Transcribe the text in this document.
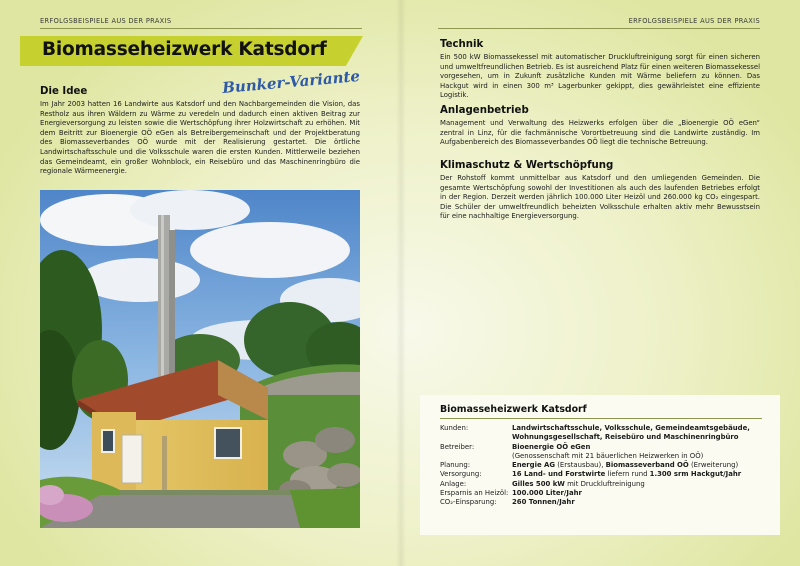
ERFOLGSBEISPIELE AUS DER PRAXIS
Biomasseheizwerk Katsdorf
Bunker-Variante
Die Idee
Im Jahr 2003 hatten 16 Landwirte aus Katsdorf und den Nachbargemeinden die Vision, das Restholz aus ihren Wäldern zu Wärme zu veredeln und dadurch einen aktiven Beitrag zur Energieversorgung zu leisten sowie die Wertschöpfung ihrer Holzwirtschaft zu erhöhen. Mit dem Beitritt zur Bioenergie OÖ eGen als Betreibergemeinschaft und der Projektberatung des Biomasseverbandes OÖ wurde mit der Realisierung gestartet. Die örtliche Landwirtschaftsschule und die Volksschule waren die ersten Kunden. Mittlerweile beziehen das Gemeindeamt, ein großer Wohnblock, ein Reisebüro und das Maschinenringbüro die regionale Wärmeenergie.
ERFOLGSBEISPIELE AUS DER PRAXIS
Technik
Ein 500 kW Biomassekessel mit automatischer Druckluftreinigung sorgt für einen sicheren und umweltfreundlichen Betrieb. Es ist ausreichend Platz für einen weiteren Biomassekessel vorgesehen, um in Zukunft zusätzliche Kunden mit Wärme beliefern zu können. Das Hackgut wird in einen 300 m³ Lagerbunker gekippt, dies gewährleistet eine effiziente Logistik.
Anlagenbetrieb
Management und Verwaltung des Heizwerks erfolgen über die „Bioenergie OÖ eGen“ zentral in Linz, für die fachmännische Vorortbetreuung sind die Landwirte zuständig. Im Aufgabenbereich des Biomasseverbandes OÖ liegt die technische Betreuung.
Klimaschutz & Wertschöpfung
Der Rohstoff kommt unmittelbar aus Katsdorf und den umliegenden Gemeinden. Die gesamte Wertschöpfung sowohl der Investitionen als auch des laufenden Betriebes erfolgt in der Region. Derzeit werden jährlich 100.000 Liter Heizöl und 260.000 kg CO₂ eingespart. Die Schüler der umweltfreundlich beheizten Volksschule erhalten aktiv mehr Bewusstsein für eine nachhaltige Energieversorgung.
Biomasseheizwerk Katsdorf
Kunden:	Landwirtschaftsschule, Volksschule, Gemeindeamtsgebäude, Wohnungsgesellschaft, Reisebüro und Maschinenringbüro
Betreiber:	Bioenergie OÖ eGen
	(Genossenschaft mit 21 bäuerlichen Heizwerken in OÖ)
Planung:	Energie AG (Erstausbau), Biomasseverband OÖ (Erweiterung)
Versorgung:	16 Land- und Forstwirte liefern rund 1.300 srm Hackgut/Jahr
Anlage:	Gilles 500 kW mit Druckluftreinigung
Ersparnis an Heizöl:	100.000 Liter/Jahr
CO₂-Einsparung:	260 Tonnen/Jahr
